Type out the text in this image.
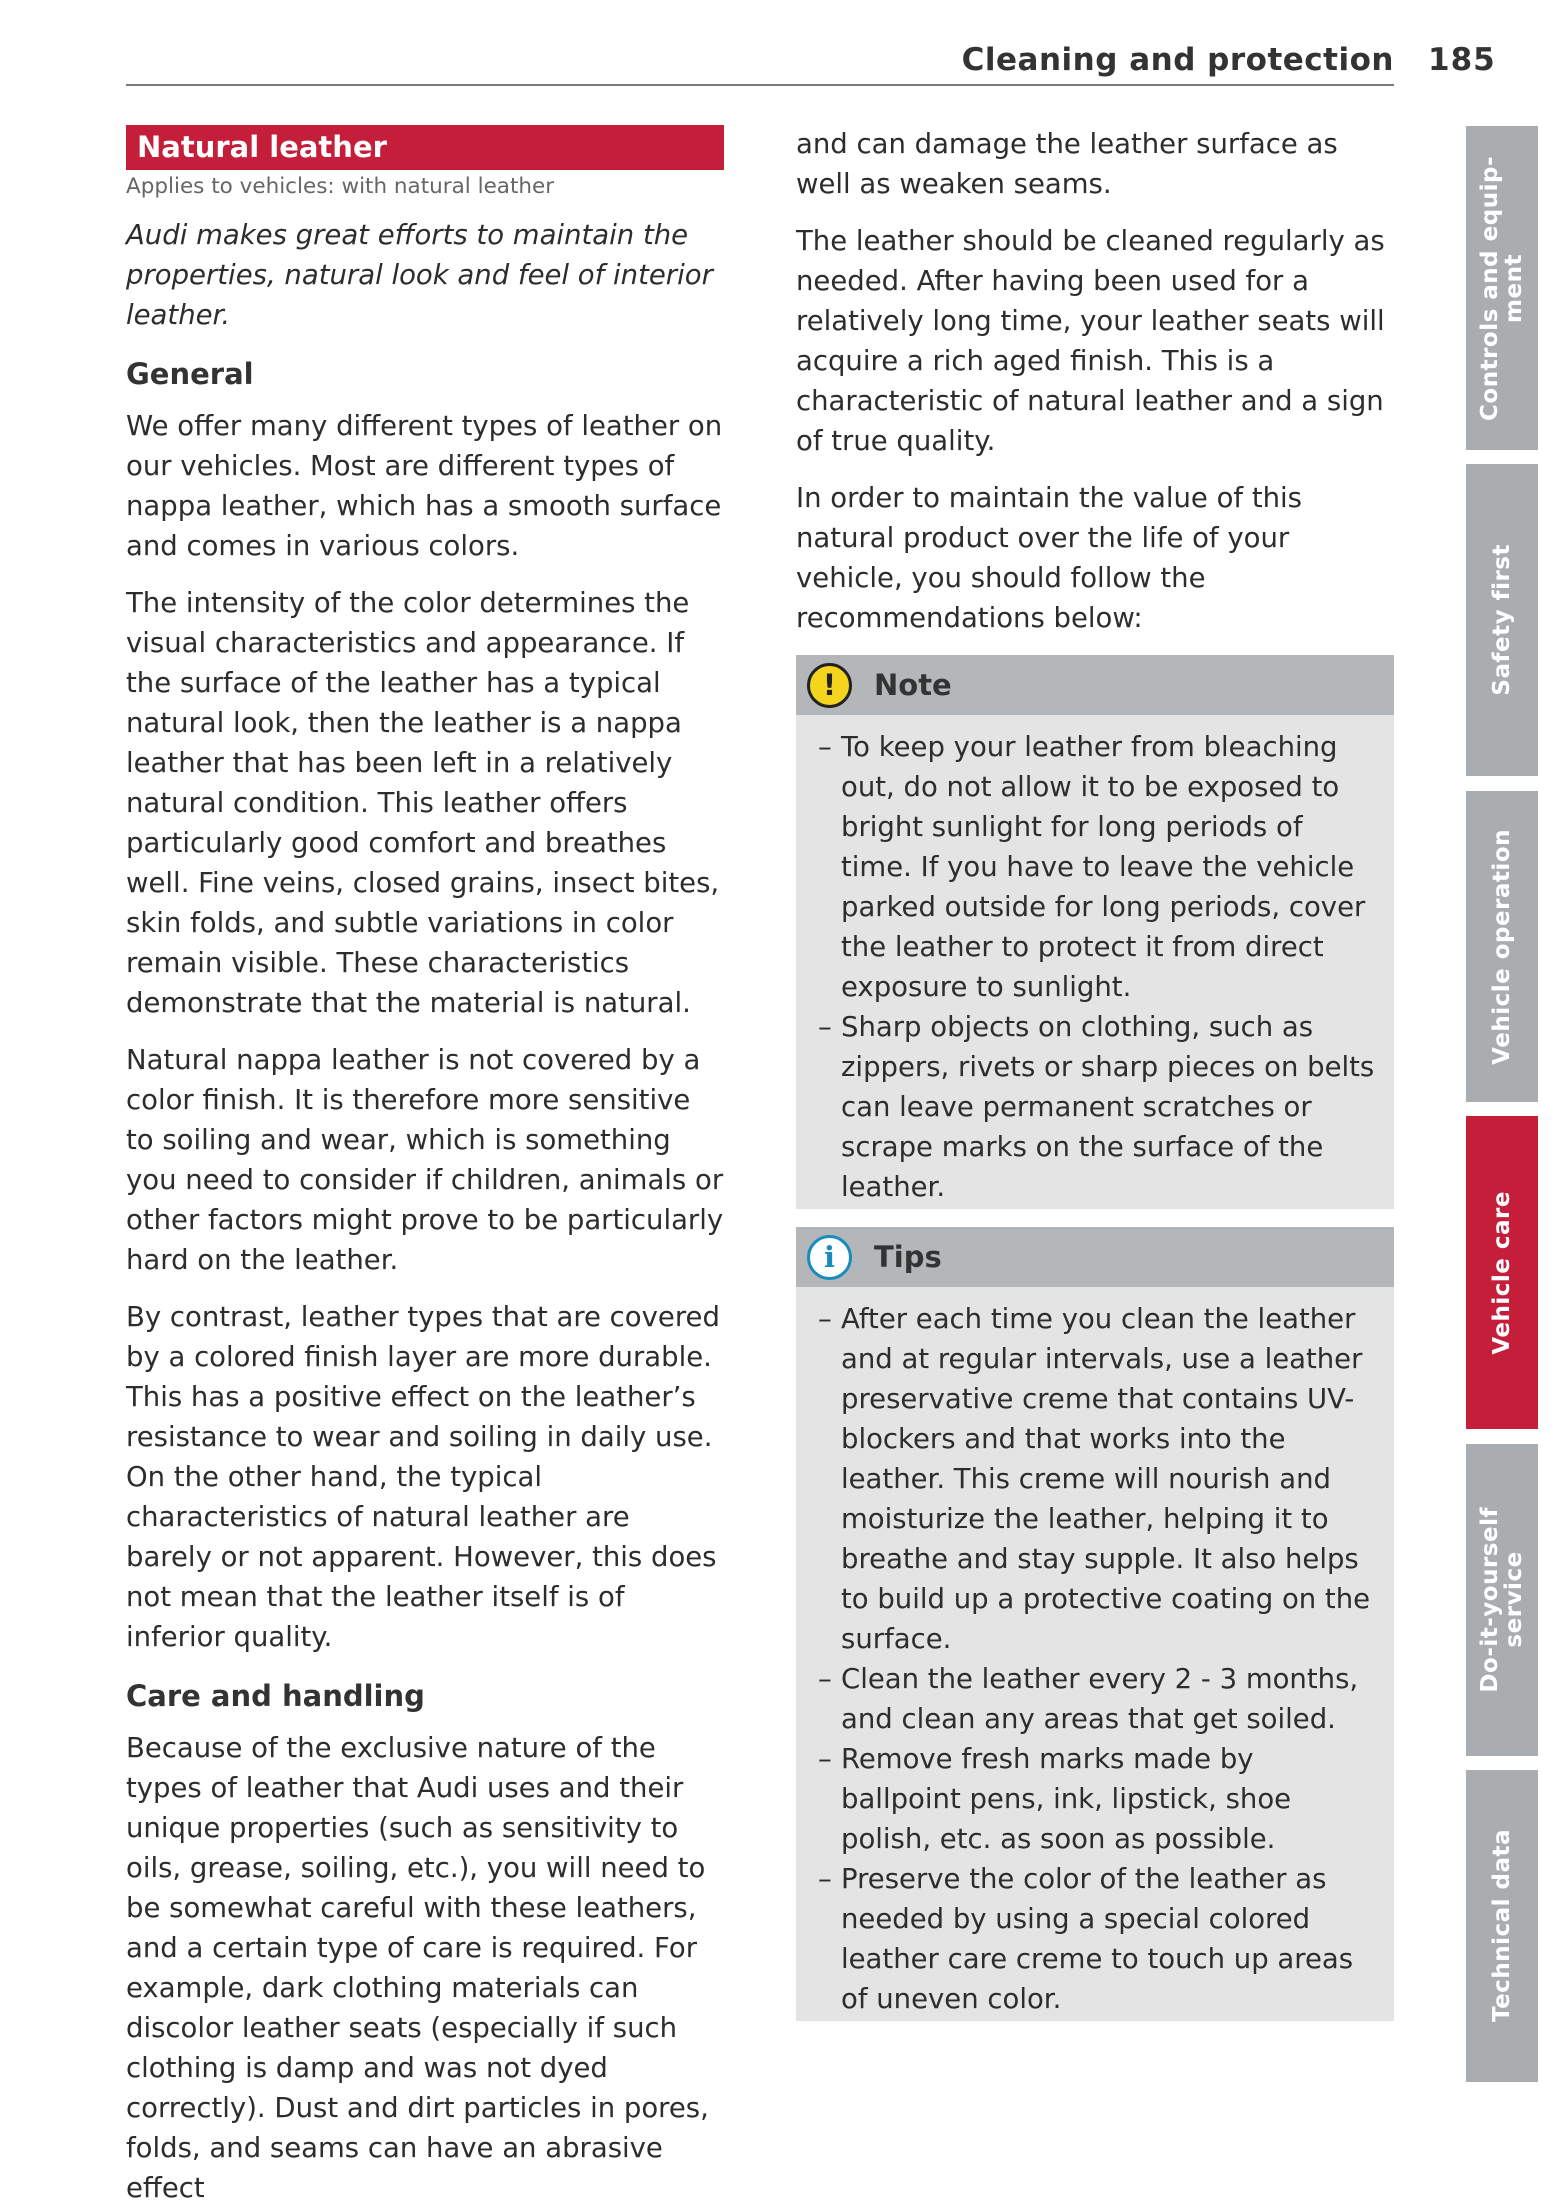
Cleaning and protection 185
Natural leather
Applies to vehicles: with natural leather

Audi makes great efforts to maintain the properties, natural look and feel of interior leather.

General

We offer many different types of leather on our vehicles. Most are different types of nappa leather, which has a smooth surface and comes in various colors.

The intensity of the color determines the visual characteristics and appearance. If the surface of the leather has a typical natural look, then the leather is a nappa leather that has been left in a relatively natural condition. This leather offers particularly good comfort and breathes well. Fine veins, closed grains, insect bites, skin folds, and subtle variations in color remain visible. These characteristics demonstrate that the material is natural.

Natural nappa leather is not covered by a color finish. It is therefore more sensitive to soiling and wear, which is something you need to consider if children, animals or other factors might prove to be particularly hard on the leather.

By contrast, leather types that are covered by a colored finish layer are more durable. This has a positive effect on the leather’s resistance to wear and soiling in daily use. On the other hand, the typical characteristics of natural leather are barely or not apparent. However, this does not mean that the leather itself is of inferior quality.

Care and handling

Because of the exclusive nature of the types of leather that Audi uses and their unique properties (such as sensitivity to oils, grease, soiling, etc.), you will need to be somewhat careful with these leathers, and a certain type of care is required. For example, dark clothing materials can discolor leather seats (especially if such clothing is damp and was not dyed correctly). Dust and dirt particles in pores, folds, and seams can have an abrasive effect

and can damage the leather surface as well as weaken seams.

The leather should be cleaned regularly as needed. After having been used for a relatively long time, your leather seats will acquire a rich aged finish. This is a characteristic of natural leather and a sign of true quality.

In order to maintain the value of this natural product over the life of your vehicle, you should follow the recommendations below:

!	Note
– To keep your leather from bleaching out, do not allow it to be exposed to bright sunlight for long periods of time. If you have to leave the vehicle parked outside for long periods, cover the leather to protect it from direct exposure to sunlight.
– Sharp objects on clothing, such as zippers, rivets or sharp pieces on belts can leave permanent scratches or scrape marks on the surface of the leather.
i	Tips
– After each time you clean the leather and at regular intervals, use a leather preservative creme that contains UV-blockers and that works into the leather. This creme will nourish and moisturize the leather, helping it to breathe and stay supple. It also helps to build up a protective coating on the surface.
– Clean the leather every 2 - 3 months, and clean any areas that get soiled.
– Remove fresh marks made by ballpoint pens, ink, lipstick, shoe polish, etc. as soon as possible.
– Preserve the color of the leather as needed by using a special colored leather care creme to touch up areas of uneven color.
Controls and equip-
ment
Safety first
Vehicle operation
Vehicle care
Do-it-yourself
service
Technical data
